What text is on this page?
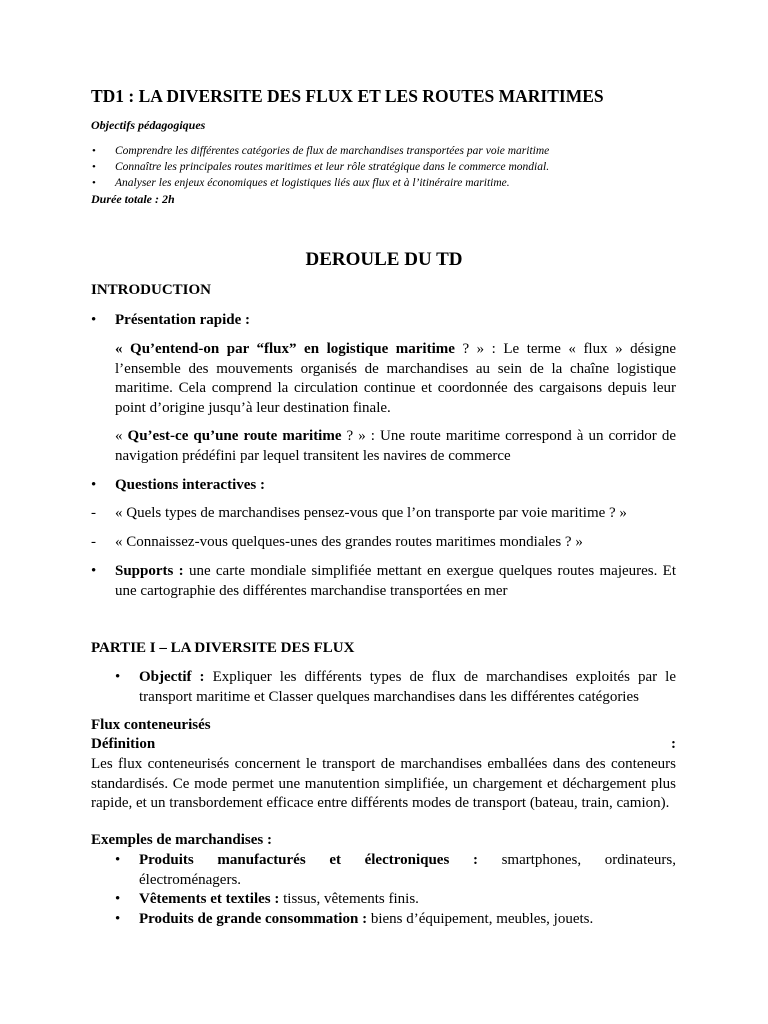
TD1 : LA DIVERSITE DES FLUX ET LES ROUTES MARITIMES
Objectifs pédagogiques
• Comprendre les différentes catégories de flux de marchandises transportées par voie maritime
• Connaître les principales routes maritimes et leur rôle stratégique dans le commerce mondial.
• Analyser les enjeux économiques et logistiques liés aux flux et à l’itinéraire maritime.
Durée totale : 2h
DEROULE DU TD
INTRODUCTION
•	Présentation rapide :
« Qu’entend-on par “flux” en logistique maritime ? » : Le terme « flux » désigne l’ensemble des mouvements organisés de marchandises au sein de la chaîne logistique maritime. Cela comprend la circulation continue et coordonnée des cargaisons depuis leur point d’origine jusqu’à leur destination finale.
« Qu’est-ce qu’une route maritime ? » : Une route maritime correspond à un corridor de navigation prédéfini par lequel transitent les navires de commerce
•	Questions interactives :
- « Quels types de marchandises pensez-vous que l’on transporte par voie maritime ? »
- « Connaissez-vous quelques-unes des grandes routes maritimes mondiales ? »
• Supports : une carte mondiale simplifiée mettant en exergue quelques routes majeures. Et une cartographie des différentes marchandise transportées en mer
PARTIE I – LA DIVERSITE DES FLUX
• Objectif : Expliquer les différents types de flux de marchandises exploités par le transport maritime et Classer quelques marchandises dans les différentes catégories
Flux conteneurisés
Définition	:
Les flux conteneurisés concernent le transport de marchandises emballées dans des conteneurs standardisés. Ce mode permet une manutention simplifiée, un chargement et déchargement plus rapide, et un transbordement efficace entre différents modes de transport (bateau, train, camion).
Exemples de marchandises :
• Produits manufacturés et électroniques : smartphones, ordinateurs,
électroménagers.
• Vêtements et textiles : tissus, vêtements finis.
• Produits de grande consommation : biens d’équipement, meubles, jouets.
